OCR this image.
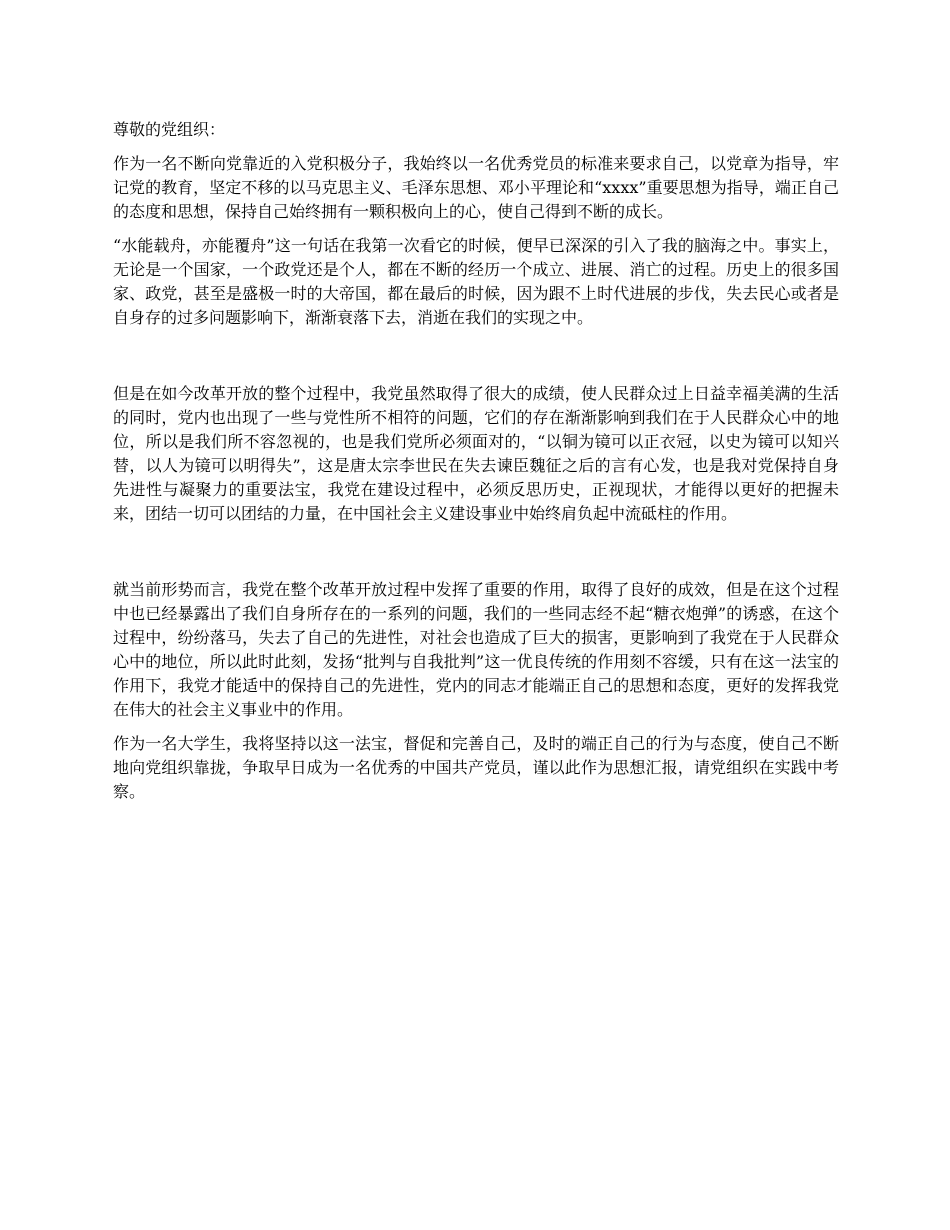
尊敬的党组织：

作为一名不断向党靠近的入党积极分子，我始终以一名优秀党员的标准来要求自己，以党章为指导，牢记党的教育，坚定不移的以马克思主义、毛泽东思想、邓小平理论和“xxxx”重要思想为指导，端正自己的态度和思想，保持自己始终拥有一颗积极向上的心，使自己得到不断的成长。

“水能载舟，亦能覆舟”这一句话在我第一次看它的时候，便早已深深的引入了我的脑海之中。事实上，无论是一个国家，一个政党还是个人，都在不断的经历一个成立、进展、消亡的过程。历史上的很多国家、政党，甚至是盛极一时的大帝国，都在最后的时候，因为跟不上时代进展的步伐，失去民心或者是自身存的过多问题影响下，渐渐衰落下去，消逝在我们的实现之中。

但是在如今改革开放的整个过程中，我党虽然取得了很大的成绩，使人民群众过上日益幸福美满的生活的同时，党内也出现了一些与党性所不相符的问题，它们的存在渐渐影响到我们在于人民群众心中的地位，所以是我们所不容忽视的，也是我们党所必须面对的，“以铜为镜可以正衣冠，以史为镜可以知兴替，以人为镜可以明得失”，这是唐太宗李世民在失去谏臣魏征之后的言有心发，也是我对党保持自身先进性与凝聚力的重要法宝，我党在建设过程中，必须反思历史，正视现状，才能得以更好的把握未来，团结一切可以团结的力量，在中国社会主义建设事业中始终肩负起中流砥柱的作用。

就当前形势而言，我党在整个改革开放过程中发挥了重要的作用，取得了良好的成效，但是在这个过程中也已经暴露出了我们自身所存在的一系列的问题，我们的一些同志经不起“糖衣炮弹”的诱惑，在这个过程中，纷纷落马，失去了自己的先进性，对社会也造成了巨大的损害，更影响到了我党在于人民群众心中的地位，所以此时此刻，发扬“批判与自我批判”这一优良传统的作用刻不容缓，只有在这一法宝的作用下，我党才能适中的保持自己的先进性，党内的同志才能端正自己的思想和态度，更好的发挥我党在伟大的社会主义事业中的作用。

作为一名大学生，我将坚持以这一法宝，督促和完善自己，及时的端正自己的行为与态度，使自己不断地向党组织靠拢，争取早日成为一名优秀的中国共产党员，谨以此作为思想汇报，请党组织在实践中考察。
